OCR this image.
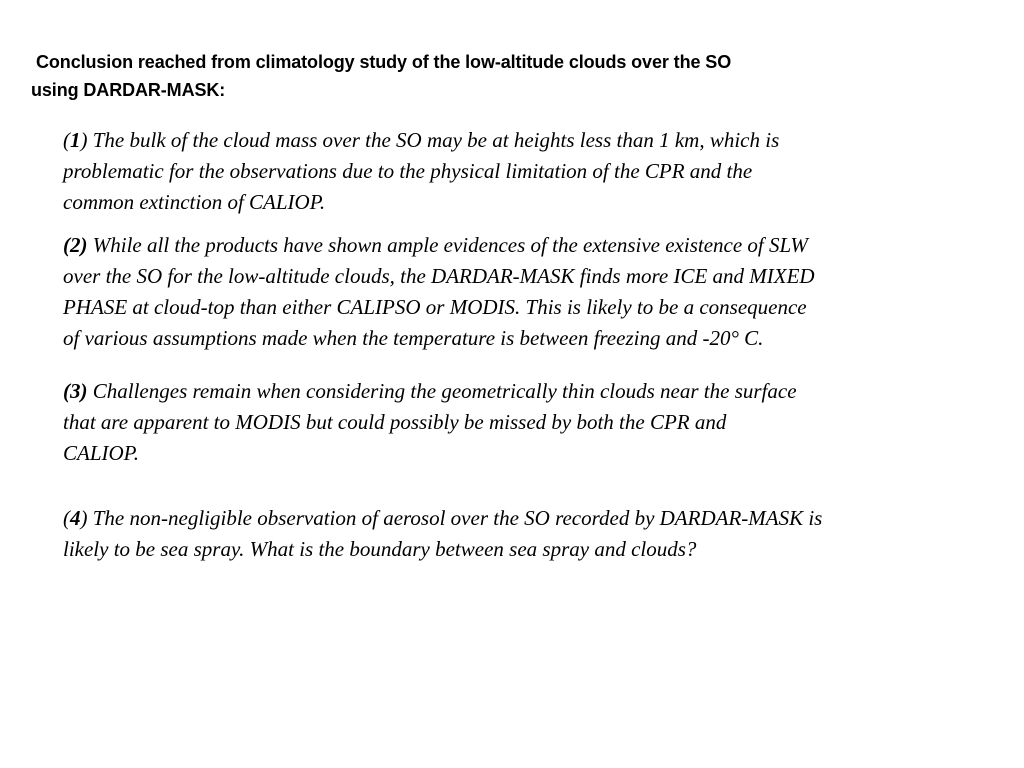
Conclusion reached from climatology study of the low-altitude clouds over the SO
using DARDAR-MASK:
(1) The bulk of the cloud mass over the SO may be at heights less than 1 km, which is
problematic for the observations due to the physical limitation of the CPR and the
common extinction of CALIOP.
(2) While all the products have shown ample evidences of the extensive existence of SLW
over the SO for the low-altitude clouds, the DARDAR-MASK finds more ICE and MIXED
PHASE at cloud-top than either CALIPSO or MODIS. This is likely to be a consequence
of various assumptions made when the temperature is between freezing and -20° C.
(3) Challenges remain when considering the geometrically thin clouds near the surface
that are apparent to MODIS but could possibly be missed by both the CPR and
CALIOP.
(4) The non-negligible observation of aerosol over the SO recorded by DARDAR-MASK is
likely to be sea spray. What is the boundary between sea spray and clouds?
